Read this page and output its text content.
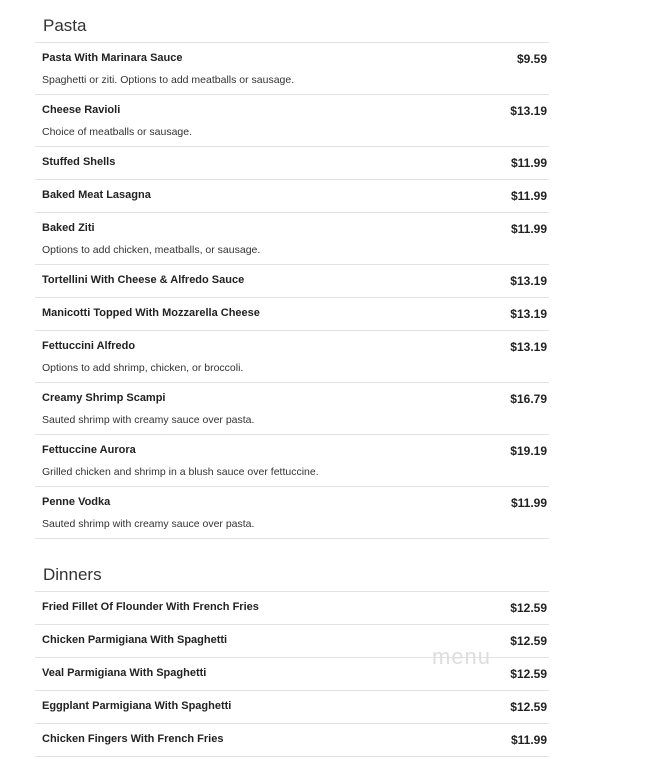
Pasta
Pasta With Marinara Sauce	$9.59
Spaghetti or ziti. Options to add meatballs or sausage.
Cheese Ravioli	$13.19
Choice of meatballs or sausage.
Stuffed Shells	$11.99
Baked Meat Lasagna	$11.99
Baked Ziti	$11.99
Options to add chicken, meatballs, or sausage.
Tortellini With Cheese & Alfredo Sauce	$13.19
Manicotti Topped With Mozzarella Cheese	$13.19
Fettuccini Alfredo	$13.19
Options to add shrimp, chicken, or broccoli.
Creamy Shrimp Scampi	$16.79
Sauted shrimp with creamy sauce over pasta.
Fettuccine Aurora	$19.19
Grilled chicken and shrimp in a blush sauce over fettuccine.
Penne Vodka	$11.99
Sauted shrimp with creamy sauce over pasta.
Dinners
Fried Fillet Of Flounder With French Fries	$12.59
Chicken Parmigiana With Spaghetti	$12.59
Veal Parmigiana With Spaghetti	$12.59
Eggplant Parmigiana With Spaghetti	$12.59
Chicken Fingers With French Fries	$11.99
menu
